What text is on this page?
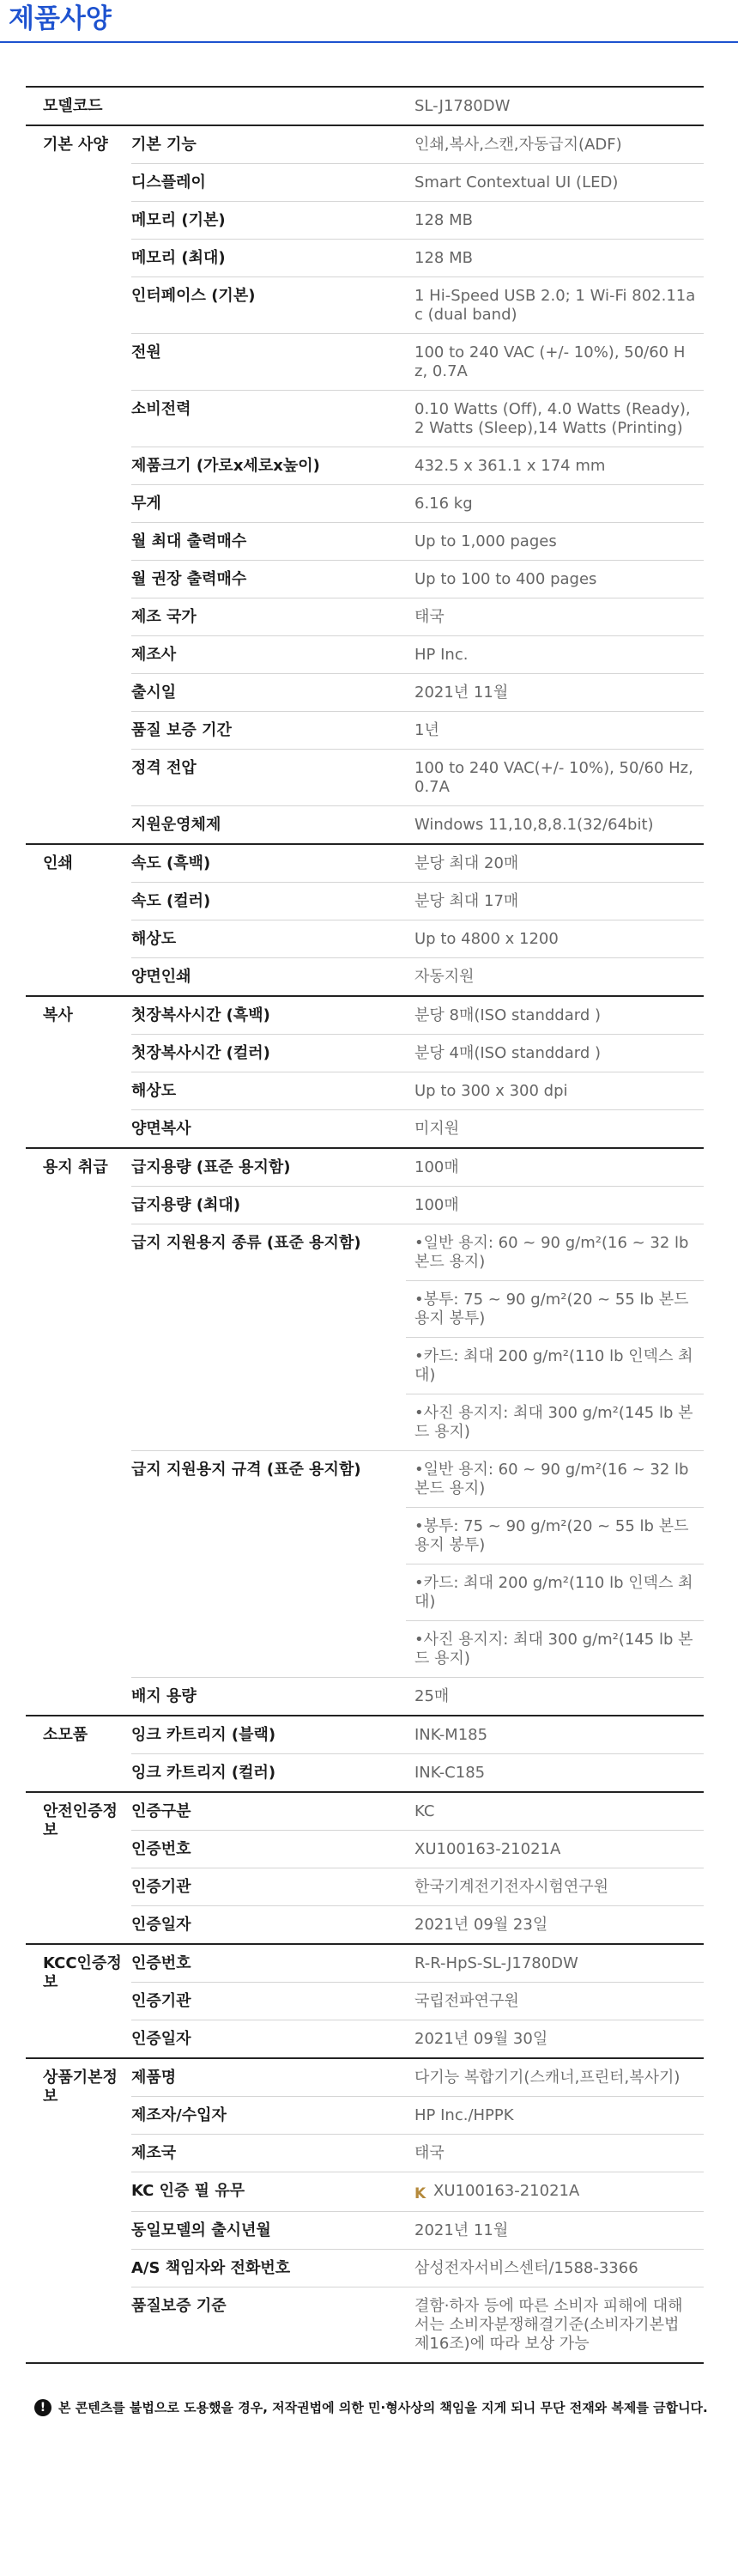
제품사양
모델코드	SL-J1780DW
기본 사양	기본 기능	인쇄,복사,스캔,자동급지(ADF)
디스플레이	Smart Contextual UI (LED)
메모리 (기본)	128 MB
메모리 (최대)	128 MB
인터페이스 (기본)	1 Hi-Speed USB 2.0; 1 Wi-Fi 802.11ac (dual band)
전원	100 to 240 VAC (+/- 10%), 50/60 Hz, 0.7A
소비전력	0.10 Watts (Off), 4.0 Watts (Ready), 2 Watts (Sleep),14 Watts (Printing)
제품크기 (가로x세로x높이)	432.5 x 361.1 x 174 mm
무게	6.16 kg
월 최대 출력매수	Up to 1,000 pages
월 권장 출력매수	Up to 100 to 400 pages
제조 국가	태국
제조사	HP Inc.
출시일	2021년 11월
품질 보증 기간	1년
정격 전압	100 to 240 VAC(+/- 10%), 50/60 Hz, 0.7A
지원운영체제	Windows 11,10,8,8.1(32/64bit)
인쇄	속도 (흑백)	분당 최대 20매
속도 (컬러)	분당 최대 17매
해상도	Up to 4800 x 1200
양면인쇄	자동지원
복사	첫장복사시간 (흑백)	분당 8매(ISO standdard )
첫장복사시간 (컬러)	분당 4매(ISO standdard )
해상도	Up to 300 x 300 dpi
양면복사	미지원
용지 취급	급지용량 (표준 용지함)	100매
급지용량 (최대)	100매
급지 지원용지 종류 (표준 용지함)	•일반 용지: 60 ~ 90 g/m²(16 ~ 32 lb 본드 용지)
•봉투: 75 ~ 90 g/m²(20 ~ 55 lb 본드 용지 봉투)
•카드: 최대 200 g/m²(110 lb 인덱스 최대)
•사진 용지지: 최대 300 g/m²(145 lb 본드 용지)
급지 지원용지 규격 (표준 용지함)	•일반 용지: 60 ~ 90 g/m²(16 ~ 32 lb 본드 용지)
•봉투: 75 ~ 90 g/m²(20 ~ 55 lb 본드 용지 봉투)
•카드: 최대 200 g/m²(110 lb 인덱스 최대)
•사진 용지지: 최대 300 g/m²(145 lb 본드 용지)
배지 용량	25매
소모품	잉크 카트리지 (블랙)	INK-M185
잉크 카트리지 (컬러)	INK-C185
안전인증정보
인증구분	KC
인증번호	XU100163-21021A
인증기관	한국기계전기전자시험연구원
인증일자	2021년 09월 23일
KCC인증정보
인증번호	R-R-HpS-SL-J1780DW
인증기관	국립전파연구원
인증일자	2021년 09월 30일
상품기본정보
제품명	다기능 복합기기(스캐너,프린터,복사기)
제조자/수입자	HP Inc./HPPK
제조국	태국
KC 인증 필 유무	K XU100163-21021A
동일모델의 출시년월	2021년 11월
A/S 책임자와 전화번호	삼성전자서비스센터/1588-3366
품질보증 기준	결함·하자 등에 따른 소비자 피해에 대해서는 소비자분쟁해결기준(소비자기본법 제16조)에 따라 보상 가능
! 본 콘텐츠를 불법으로 도용했을 경우, 저작권법에 의한 민·형사상의 책임을 지게 되니 무단 전재와 복제를 금합니다.
